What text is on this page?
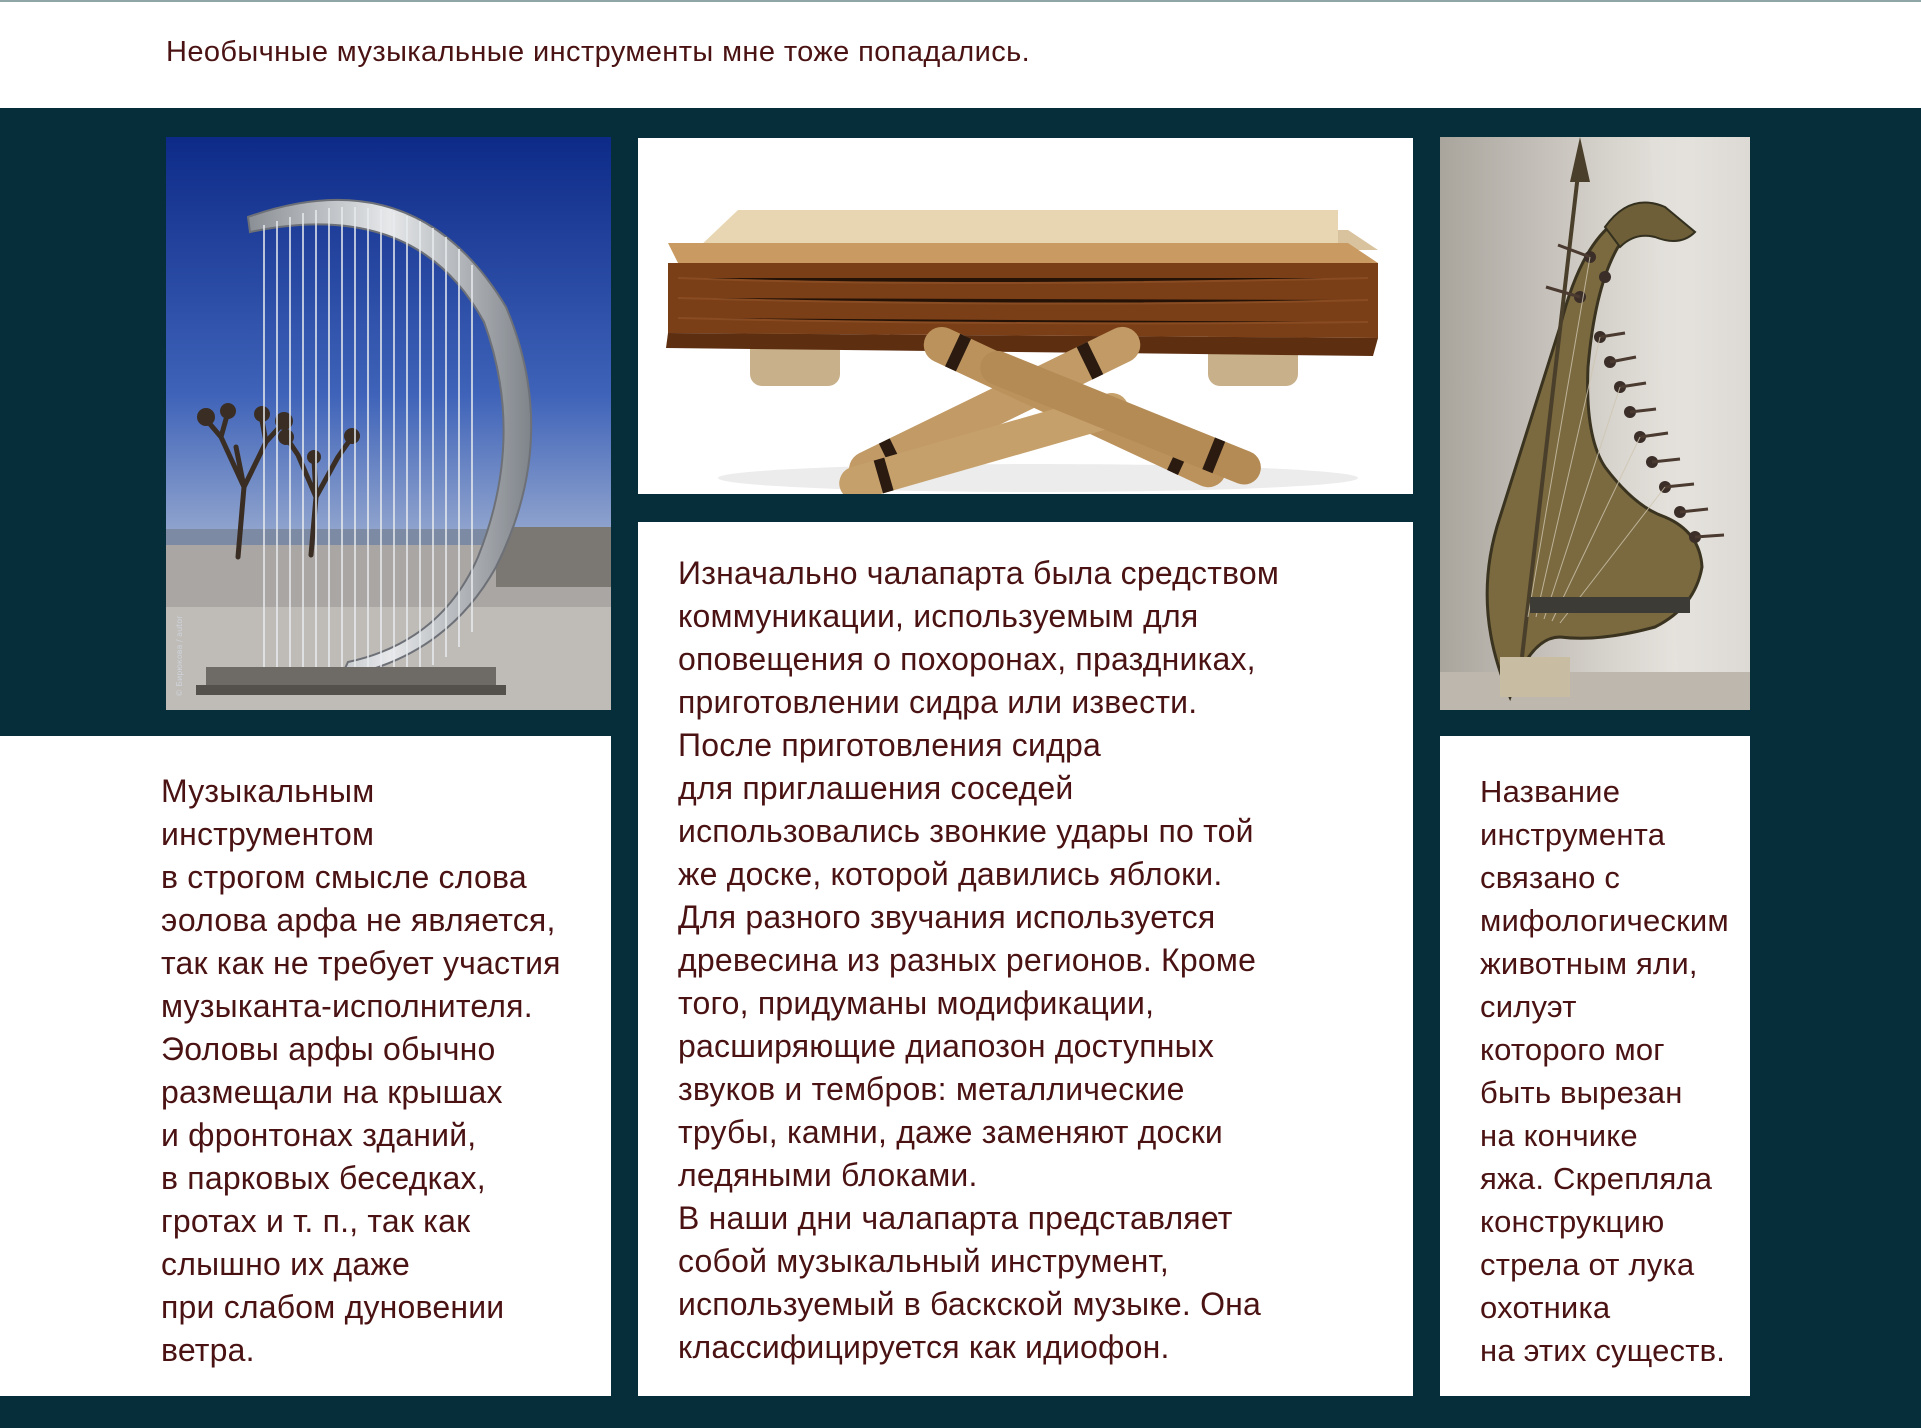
Необычные музыкальные инструменты мне тоже попадались.
© Бирюкова / autor

Музыкальным
инструментом
в строгом смысле слова
эолова арфа не является,
так как не требует участия
музыканта-исполнителя.
Эоловы арфы обычно
размещали на крышах
и фронтонах зданий,
в парковых беседках,
гротах и т. п., так как
слышно их даже
при слабом дуновении
ветра.

Изначально чалапарта была средством
коммуникации, используемым для
оповещения о похоронах, праздниках,
приготовлении сидра или извести.
После приготовления сидра
для приглашения соседей
использовались звонкие удары по той
же доске, которой давились яблоки.
Для разного звучания используется
древесина из разных регионов. Кроме
того, придуманы модификации,
расширяющие диапозон доступных
звуков и тембров: металлические
трубы, камни, даже заменяют доски
ледяными блоками.
В наши дни чалапарта представляет
собой музыкальный инструмент,
используемый в баскской музыке. Она
классифицируется как идиофон.

Название
инструмента
связано с
мифологическим
животным яли,
силуэт
которого мог
быть вырезан
на кончике
яжа. Скрепляла
конструкцию
стрела от лука
охотника
на этих существ.
